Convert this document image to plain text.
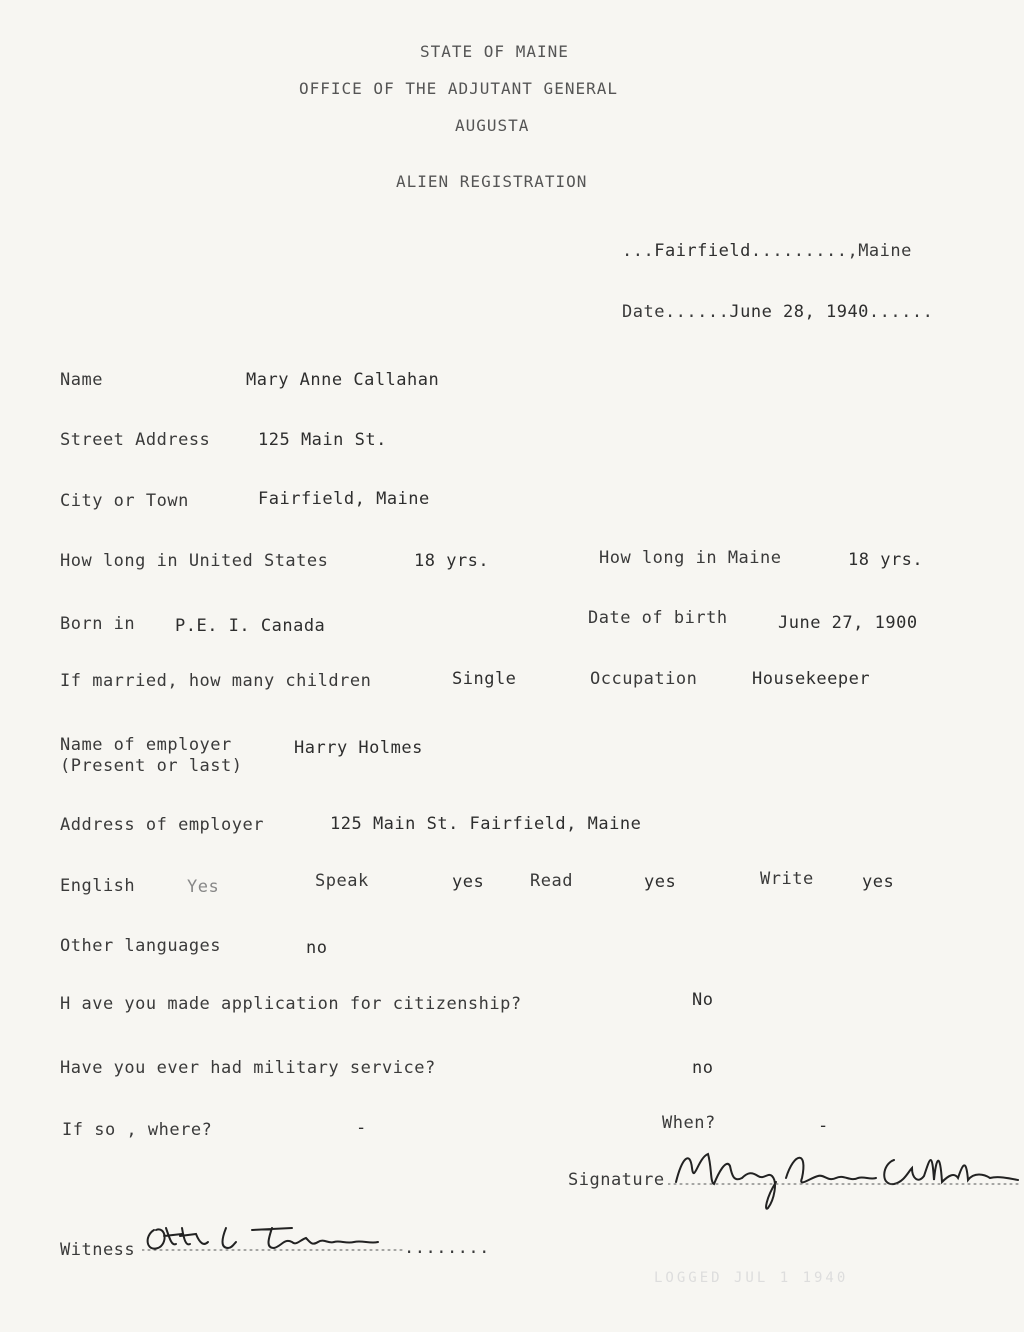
STATE OF MAINE
OFFICE OF THE ADJUTANT GENERAL
AUGUSTA
ALIEN REGISTRATION
...Fairfield.........,Maine
Date......June 28, 1940......
Name	Mary Anne Callahan
Street Address	125 Main St.
City or Town	Fairfield, Maine
How long in United States	18 yrs.	How long in Maine	18 yrs.
Born in P.E. I. Canada	Date of birth	June 27, 1900
If married, how many children	Single	Occupation	Housekeeper
Name of employer
(Present or last)
Harry Holmes
Address of employer	125 Main St. Fairfield, Maine
English	Yes	Speak	yes	Read	yes	Write	yes
Other languages	no
H ave you made application for citizenship?	No
Have you ever had military service?	no
If so , where?	-	When?	-
Signature
Witness	........
LOGGED JUL 1 1940
